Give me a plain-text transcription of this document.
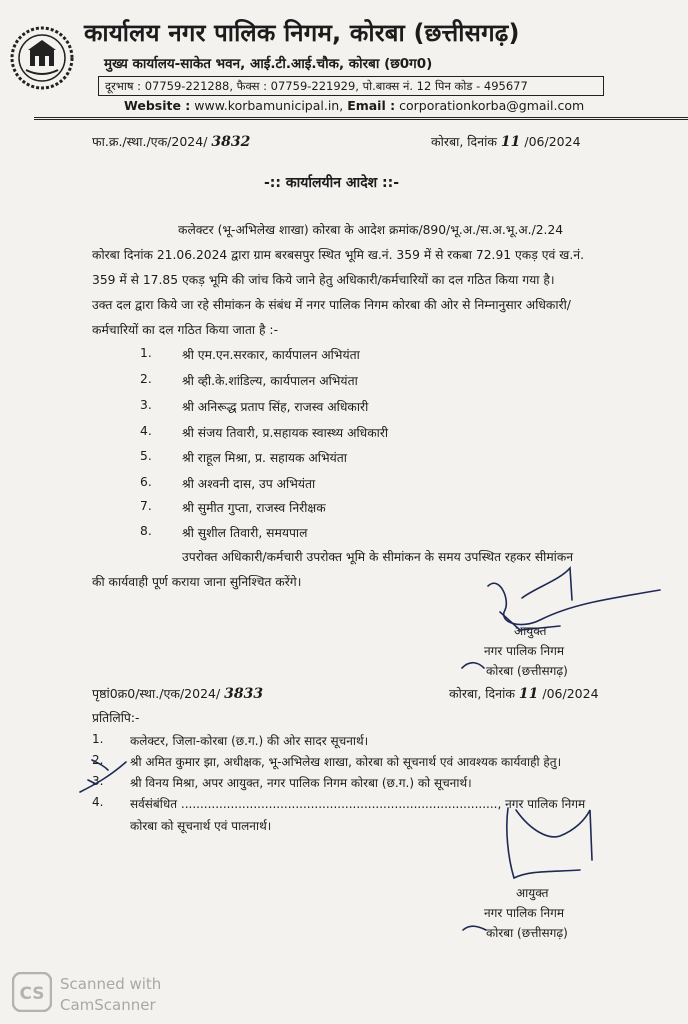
कार्यालय नगर पालिक निगम, कोरबा (छत्तीसगढ़)
मुख्य कार्यालय-साकेत भवन, आई.टी.आई.चौक, कोरबा (छ0ग0)
दूरभाष : 07759-221288, फैक्स : 07759-221929, पो.बाक्स नं. 12 पिन कोड - 495677
Website : www.korbamunicipal.in, Email : corporationkorba@gmail.com
फा.क्र./स्था./एक/2024/ 3832	कोरबा, दिनांक 11 /06/2024
-:: कार्यालयीन आदेश ::-
कलेक्टर (भू-अभिलेख शाखा) कोरबा के आदेश क्रमांक/890/भू.अ./स.अ.भू.अ./2.24
कोरबा दिनांक 21.06.2024 द्वारा ग्राम बरबसपुर स्थित भूमि ख.नं. 359 में से रकबा 72.91 एकड़ एवं ख.नं.
359 में से 17.85 एकड़ भूमि की जांच किये जाने हेतु अधिकारी/कर्मचारियों का दल गठित किया गया है।
उक्त दल द्वारा किये जा रहे सीमांकन के संबंध में नगर पालिक निगम कोरबा की ओर से निम्नानुसार अधिकारी/
कर्मचारियों का दल गठित किया जाता है :-
1. श्री एम.एन.सरकार, कार्यपालन अभियंता
2. श्री व्ही.के.शांडिल्य, कार्यपालन अभियंता
3. श्री अनिरूद्ध प्रताप सिंह, राजस्व अधिकारी
4. श्री संजय तिवारी, प्र.सहायक स्वास्थ्य अधिकारी
5. श्री राहूल मिश्रा, प्र. सहायक अभियंता
6. श्री अश्वनी दास, उप अभियंता
7. श्री सुमीत गुप्ता, राजस्व निरीक्षक
8. श्री सुशील तिवारी, समयपाल
उपरोक्त अधिकारी/कर्मचारी उपरोक्त भूमि के सीमांकन के समय उपस्थित रहकर सीमांकन
की कार्यवाही पूर्ण कराया जाना सुनिश्चित करेंगे।
आयुक्त
नगर पालिक निगम
कोरबा (छत्तीसगढ़)
पृष्ठां0क्र0/स्था./एक/2024/ 3833	कोरबा, दिनांक 11 /06/2024
प्रतिलिपि:-
1. कलेक्टर, जिला-कोरबा (छ.ग.) की ओर सादर सूचनार्थ।
2. श्री अमित कुमार झा, अधीक्षक, भू-अभिलेख शाखा, कोरबा को सूचनार्थ एवं आवश्यक कार्यवाही हेतु।
3. श्री विनय मिश्रा, अपर आयुक्त, नगर पालिक निगम कोरबा (छ.ग.) को सूचनार्थ।
4. सर्वसंबंधित ..................................................................................., नगर पालिक निगम
कोरबा को सूचनार्थ एवं पालनार्थ।
आयुक्त
नगर पालिक निगम
कोरबा (छत्तीसगढ़)
CS Scanned with
CamScanner
